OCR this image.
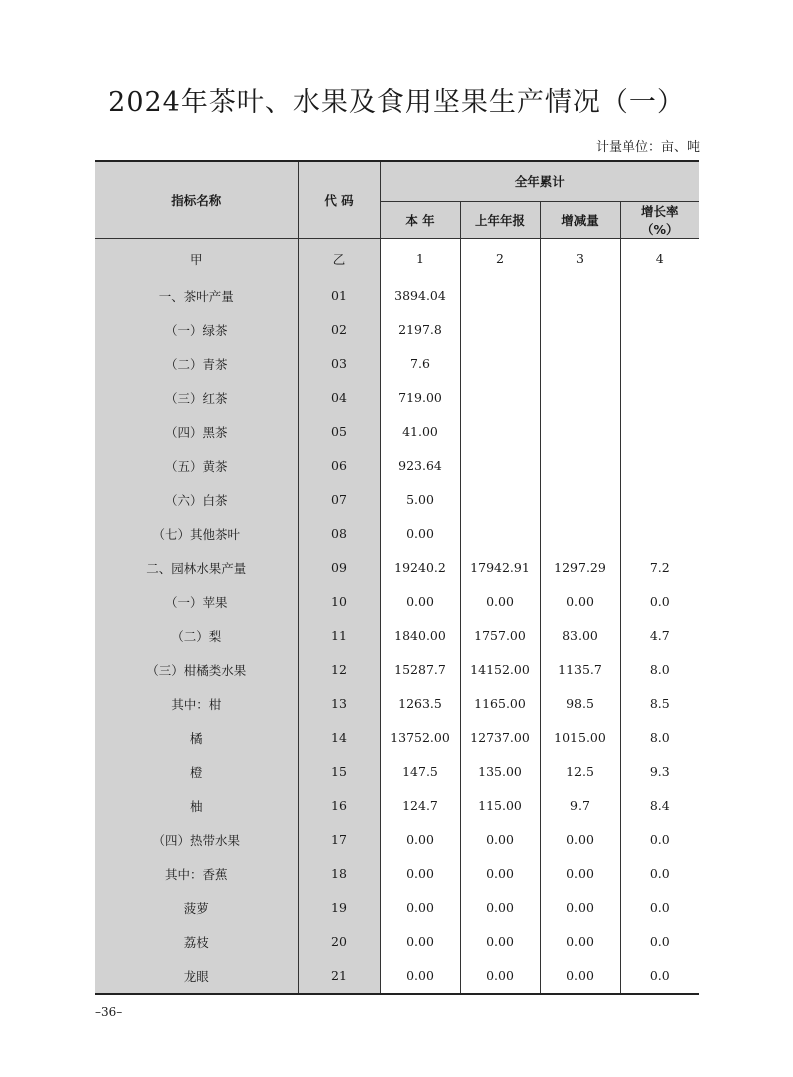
2024年茶叶、水果及食用坚果生产情况（一）
计量单位：亩、吨
指标名称	代 码	全年累计			
		本 年	上年年报	增减量	增长率
（%）

甲	乙	1	2	3	4
一、茶叶产量	01	3894.04			
（一）绿茶	02	2197.8			
（二）青茶	03	7.6			
（三）红茶	04	719.00			
（四）黑茶	05	41.00			
（五）黄茶	06	923.64			
（六）白茶	07	5.00			
（七）其他茶叶	08	0.00			
二、园林水果产量	09	19240.2	17942.91	1297.29	7.2
（一）苹果	10	0.00	0.00	0.00	0.0
（二）梨	11	1840.00	1757.00	83.00	4.7
（三）柑橘类水果	12	15287.7	14152.00	1135.7	8.0
其中：柑	13	1263.5	1165.00	98.5	8.5
橘	14	13752.00	12737.00	1015.00	8.0
橙	15	147.5	135.00	12.5	9.3
柚	16	124.7	115.00	9.7	8.4
（四）热带水果	17	0.00	0.00	0.00	0.0
其中：香蕉	18	0.00	0.00	0.00	0.0
菠萝	19	0.00	0.00	0.00	0.0
荔枝	20	0.00	0.00	0.00	0.0
龙眼	21	0.00	0.00	0.00	0.0
–36–
